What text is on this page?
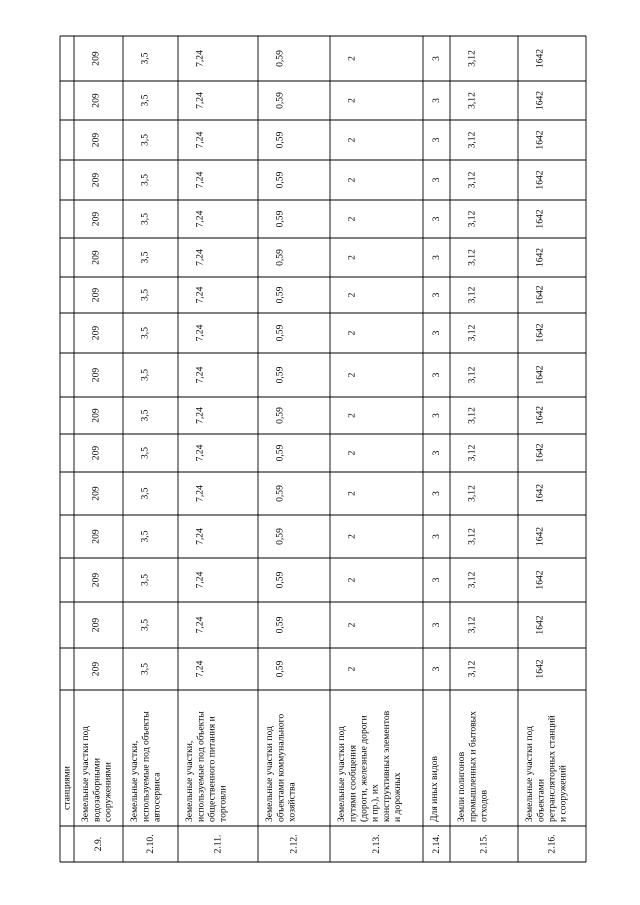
станциями
2.9.
Земельные участки под водозаборными сооружениями
209
209
209
209
209
209
209
209
209
209
209
209
209
209
209
209
2.10.
Земельные участки, используемые под объекты автосервиса
3,5
3,5
3,5
3,5
3,5
3,5
3,5
3,5
3,5
3,5
3,5
3,5
3,5
3,5
3,5
3,5
2.11.
Земельные участки, используемые под объекты общественного питания и торговли
7,24
7,24
7,24
7,24
7,24
7,24
7,24
7,24
7,24
7,24
7,24
7,24
7,24
7,24
7,24
7,24
2.12.
Земельные участки под объектами коммунального хозяйства
0,59
0,59
0,59
0,59
0,59
0,59
0,59
0,59
0,59
0,59
0,59
0,59
0,59
0,59
0,59
0,59
2.13.
Земельные участки под путями сообщения (дороги, железные дороги и пр.), их конструктивных элементов и дорожных
2
2
2
2
2
2
2
2
2
2
2
2
2
2
2
2
2.14.
Для иных видов
3
3
3
3
3
3
3
3
3
3
3
3
3
3
3
3
2.15.
Земли полигонов промышленных и бытовых отходов
3,12
3,12
3,12
3,12
3,12
3,12
3,12
3,12
3,12
3,12
3,12
3,12
3,12
3,12
3,12
3,12
2.16.
Земельные участки под объектами ретрансляторных станций и сооружений
1642
1642
1642
1642
1642
1642
1642
1642
1642
1642
1642
1642
1642
1642
1642
1642
